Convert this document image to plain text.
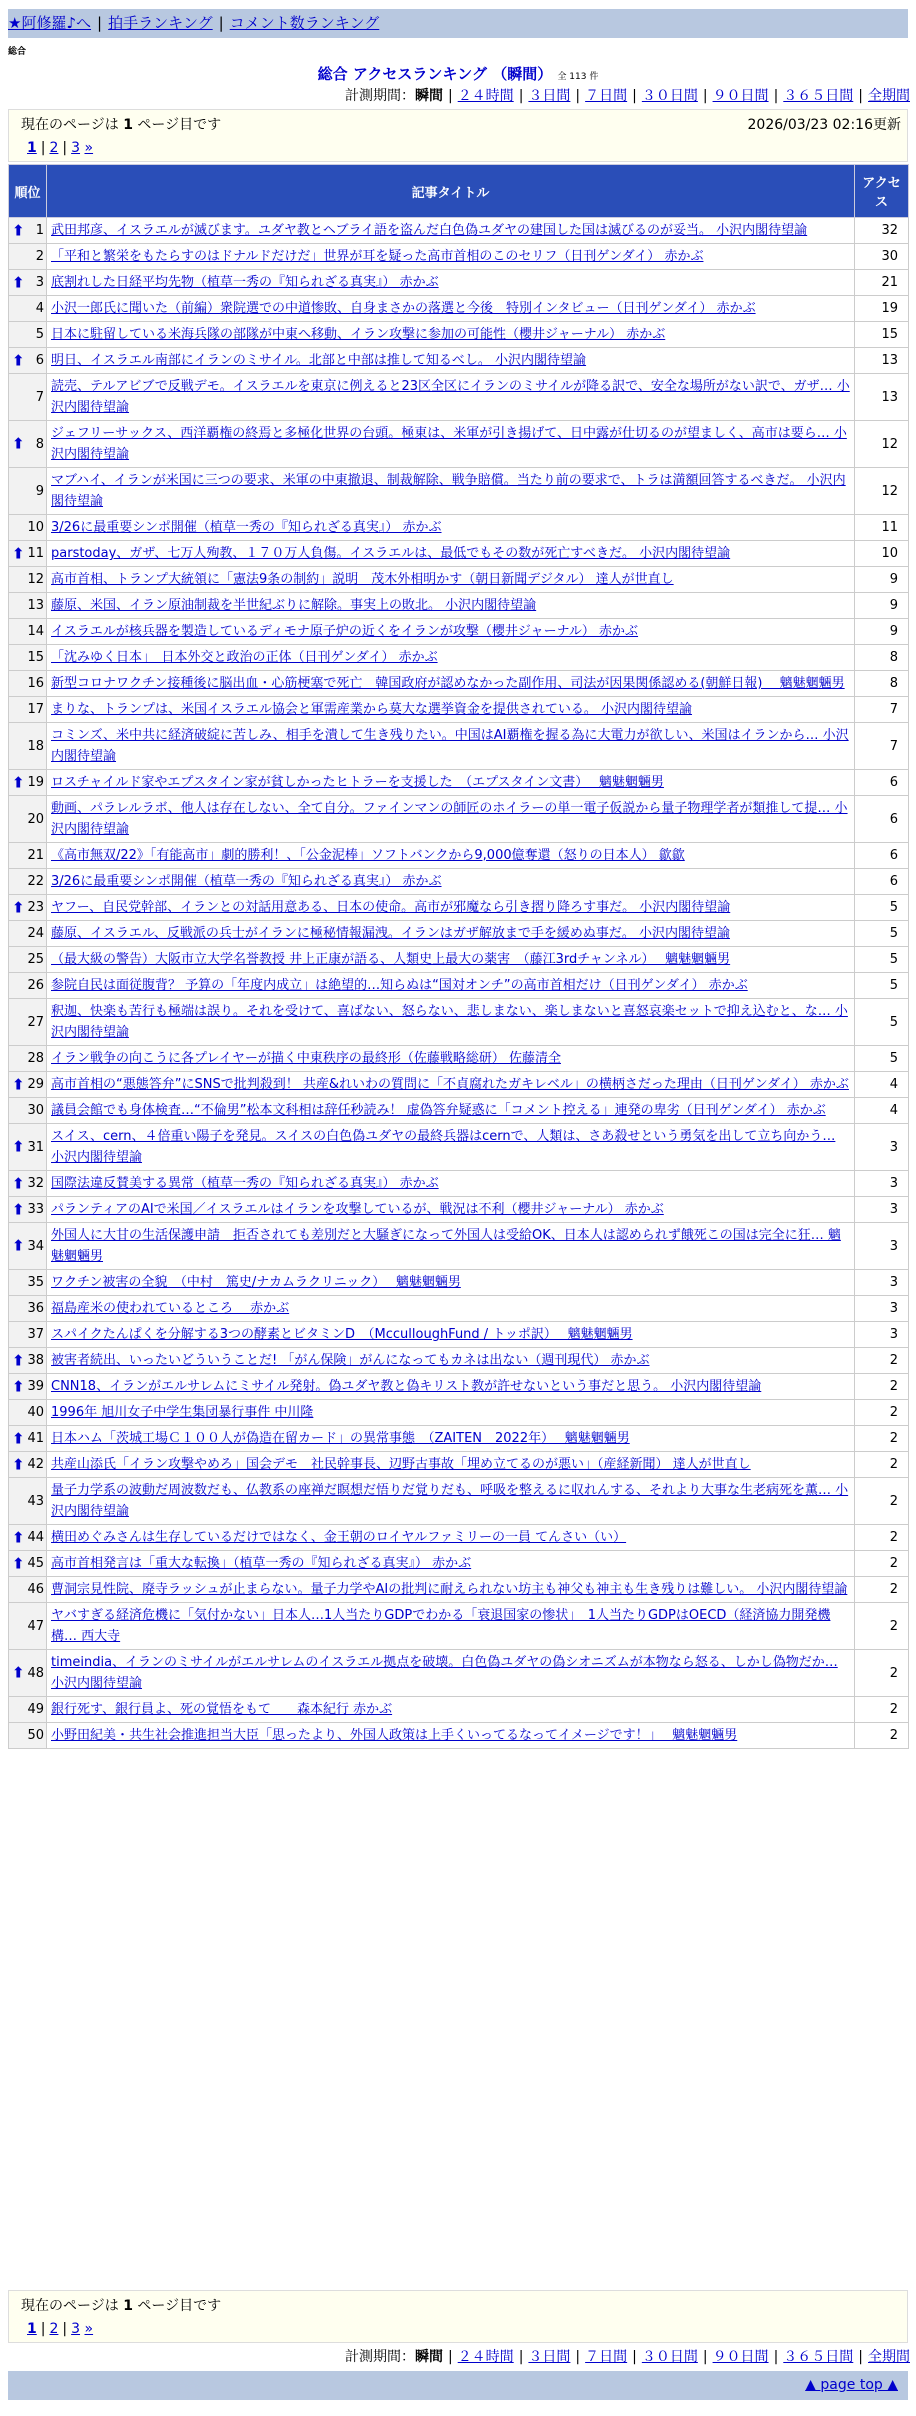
★阿修羅♪へ | 拍手ランキング | コメント数ランキング
総合
総合 アクセスランキング （瞬間） 全 113 件
計測期間：瞬間 | ２４時間 | ３日間 | ７日間 | ３０日間 | ９０日間 | ３６５日間 | 全期間
現在のページは 1 ページ目です	2026/03/23 02:16更新
1 | 2 | 3 »
順位	記事タイトル	アクセス

⬆ 1	武田邦彦、イスラエルが滅びます。ユダヤ教とヘブライ語を盗んだ白色偽ユダヤの建国した国は滅びるのが妥当。 小沢内閣待望論	32
2	「平和と繁栄をもたらすのはドナルドだけだ」世界が耳を疑った高市首相のこのセリフ（日刊ゲンダイ） 赤かぶ	30

⬆ 3	底割れした日経平均先物（植草一秀の『知られざる真実』） 赤かぶ	21
4	小沢一郎氏に聞いた（前編）衆院選での中道惨敗、自身まさかの落選と今後　特別インタビュー（日刊ゲンダイ） 赤かぶ	19
5	日本に駐留している米海兵隊の部隊が中東へ移動、イラン攻撃に参加の可能性（櫻井ジャーナル） 赤かぶ	15

⬆ 6	明日、イスラエル南部にイランのミサイル。北部と中部は推して知るべし。 小沢内閣待望論	13
7	読売、テルアビブで反戦デモ。イスラエルを東京に例えると23区全区にイランのミサイルが降る訳で、安全な場所がない訳で、ガザ… 小沢内閣待望論	13

⬆ 8	ジェフリーサックス、西洋覇権の終焉と多極化世界の台頭。極東は、米軍が引き揚げて、日中露が仕切るのが望ましく、高市は要ら… 小沢内閣待望論	12
9	マブハイ、イランが米国に三つの要求、米軍の中東撤退、制裁解除、戦争賠償。当たり前の要求で、トラは満額回答するべきだ。 小沢内閣待望論	12
10	3/26に最重要シンポ開催（植草一秀の『知られざる真実』） 赤かぶ	11

⬆ 11	parstoday、ガザ、七万人殉教、１７０万人負傷。イスラエルは、最低でもその数が死亡すべきだ。 小沢内閣待望論	10
12	高市首相、トランプ大統領に「憲法9条の制約」説明　茂木外相明かす（朝日新聞デジタル） 達人が世直し	9
13	藤原、米国、イラン原油制裁を半世紀ぶりに解除。事実上の敗北。 小沢内閣待望論	9
14	イスラエルが核兵器を製造しているディモナ原子炉の近くをイランが攻撃（櫻井ジャーナル） 赤かぶ	9
15	「沈みゆく日本」　日本外交と政治の正体（日刊ゲンダイ） 赤かぶ	8
16	新型コロナワクチン接種後に脳出血・心筋梗塞で死亡　韓国政府が認めなかった副作用、司法が因果関係認める(朝鮮日報)　 魑魅魍魎男	8
17	まりな、トランプは、米国イスラエル協会と軍需産業から莫大な選挙資金を提供されている。 小沢内閣待望論	7
18	コミンズ、米中共に経済破綻に苦しみ、相手を潰して生き残りたい。中国はAI覇権を握る為に大電力が欲しい、米国はイランから… 小沢内閣待望論	7

⬆ 19	ロスチャイルド家やエプスタイン家が貧しかったヒトラーを支援した　（エプスタイン文書）　 魑魅魍魎男	6
20	動画、パラレルラボ、他人は存在しない、全て自分。ファインマンの師匠のホイラーの単一電子仮説から量子物理学者が類推して提… 小沢内閣待望論	6
21	《高市無双/22》「有能高市」劇的勝利！、「公金泥棒」ソフトバンクから9,000億奪還（怒りの日本人） 歙歙	6
22	3/26に最重要シンポ開催（植草一秀の『知られざる真実』） 赤かぶ	6

⬆ 23	ヤフー、自民党幹部、イランとの対話用意ある、日本の使命。高市が邪魔なら引き摺り降ろす事だ。 小沢内閣待望論	5
24	藤原、イスラエル、反戦派の兵士がイランに極秘情報漏洩。イランはガザ解放まで手を緩めぬ事だ。 小沢内閣待望論	5
25	（最大級の警告）大阪市立大学名誉教授 井上正康が語る、人類史上最大の薬害　（藤江3rdチャンネル）　 魑魅魍魎男	5
26	参院自民は面従腹背？ 予算の「年度内成立」は絶望的…知らぬは“国対オンチ”の高市首相だけ（日刊ゲンダイ） 赤かぶ	5
27	釈迦、快楽も苦行も極端は誤り。それを受けて、喜ばない、怒らない、悲しまない、楽しまないと喜怒哀楽セットで抑え込むと、な… 小沢内閣待望論	5
28	イラン戦争の向こうに各プレイヤーが描く中東秩序の最終形（佐藤戦略総研） 佐藤清全	5

⬆ 29	高市首相の“悪態答弁”にSNSで批判殺到！ 共産&れいわの質問に「不貞腐れたガキレベル」の横柄さだった理由（日刊ゲンダイ） 赤かぶ	4
30	議員会館でも身体検査…“不倫男”松本文科相は辞任秒読み！ 虚偽答弁疑惑に「コメント控える」連発の卑劣（日刊ゲンダイ） 赤かぶ	4

⬆ 31	スイス、cern、４倍重い陽子を発見。スイスの白色偽ユダヤの最終兵器はcernで、人類は、さあ殺せという勇気を出して立ち向かう… 小沢内閣待望論	3

⬆ 32	国際法違反賛美する異常（植草一秀の『知られざる真実』） 赤かぶ	3

⬆ 33	パランティアのAIで米国／イスラエルはイランを攻撃しているが、戦況は不利（櫻井ジャーナル） 赤かぶ	3

⬆ 34	外国人に大甘の生活保護申請　拒否されても差別だと大騒ぎになって外国人は受給OK、日本人は認められず餓死この国は完全に狂… 魑魅魍魎男	3
35	ワクチン被害の全貌　（中村　篤史/ナカムラクリニック）　 魑魅魍魎男	3
36	福島産米の使われているところ　 赤かぶ	3
37	スパイクたんぱくを分解する3つの酵素とビタミンD　（McculloughFund / トッポ訳）　 魑魅魍魎男	3

⬆ 38	被害者続出、いったいどういうことだ! 「がん保険」がんになってもカネは出ない（週刊現代） 赤かぶ	2

⬆ 39	CNN18、イランがエルサレムにミサイル発射。偽ユダヤ教と偽キリスト教が許せないという事だと思う。 小沢内閣待望論	2
40	1996年 旭川女子中学生集団暴行事件 中川隆	2

⬆ 41	日本ハム「茨城工場Ｃ１００人が偽造在留カード」の異常事態　（ZAITEN　2022年）　 魑魅魍魎男	2

⬆ 42	共産山添氏「イラン攻撃やめろ」国会デモ　社民幹事長、辺野古事故「埋め立てるのが悪い」（産経新聞） 達人が世直し	2
43	量子力学系の波動だ周波数だも、仏教系の座禅だ瞑想だ悟りだ覚りだも、呼吸を整えるに収れんする、それより大事な生老病死を薫… 小沢内閣待望論	2

⬆ 44	横田めぐみさんは生存しているだけではなく、金王朝のロイヤルファミリーの一員 てんさい（い）	2

⬆ 45	高市首相発言は「重大な転換」（植草一秀の『知られざる真実』） 赤かぶ	2
46	曹洞宗見性院、廃寺ラッシュが止まらない。量子力学やAIの批判に耐えられない坊主も神父も神主も生き残りは難しい。 小沢内閣待望論	2
47	ヤバすぎる経済危機に「気付かない」日本人…1人当たりGDPでわかる「衰退国家の惨状」　1人当たりGDPはOECD（経済協力開発機構… 西大寺	2

⬆ 48	timeindia、イランのミサイルがエルサレムのイスラエル拠点を破壊。白色偽ユダヤの偽シオニズムが本物なら怒る、しかし偽物だか… 小沢内閣待望論	2
49	銀行死す、銀行員よ、死の覚悟をもて　　森本紀行 赤かぶ	2
50	小野田紀美・共生社会推進担当大臣「思ったより、外国人政策は上手くいってるなってイメージです！」　 魑魅魍魎男	2
現在のページは 1 ページ目です
1 | 2 | 3 »
計測期間：瞬間 | ２４時間 | ３日間 | ７日間 | ３０日間 | ９０日間 | ３６５日間 | 全期間
▲ page top ▲
